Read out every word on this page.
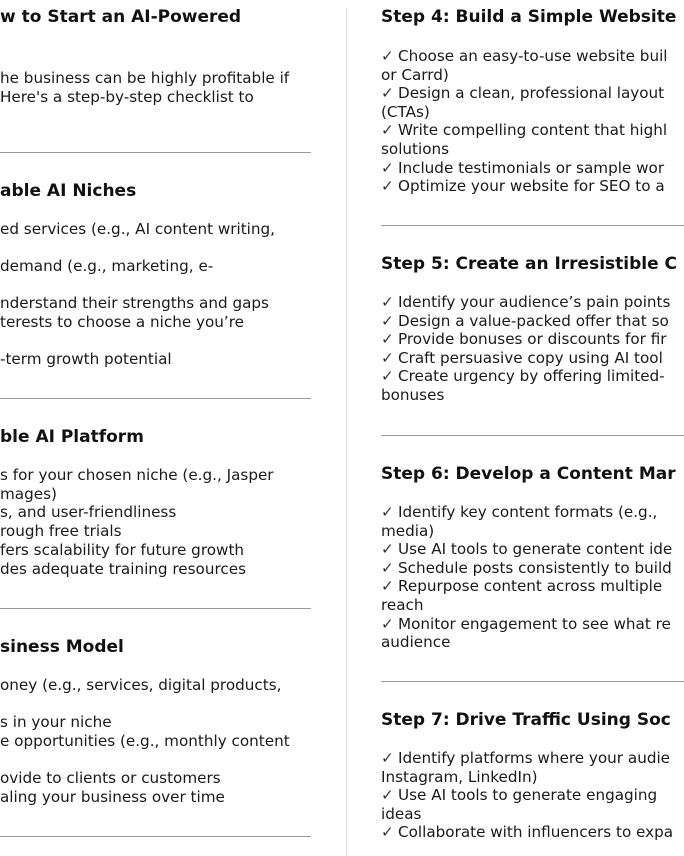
w to Start an AI-Powered
he business can be highly profitable if
Here's a step-by-step checklist to
able AI Niches
ed services (e.g., AI content writing,
demand (e.g., marketing, e-
nderstand their strengths and gaps
terests to choose a niche you’re
-term growth potential
ble AI Platform
s for your chosen niche (e.g., Jasper
mages)
s, and user-friendliness
rough free trials
fers scalability for future growth
des adequate training resources
siness Model
oney (e.g., services, digital products,
s in your niche
e opportunities (e.g., monthly content
ovide to clients or customers
aling your business over time
Step 4: Build a Simple Website
✓ Choose an easy-to-use website buil
or Carrd)
✓ Design a clean, professional layout
(CTAs)
✓ Write compelling content that highl
solutions
✓ Include testimonials or sample wor
✓ Optimize your website for SEO to a
Step 5: Create an Irresistible C
✓ Identify your audience’s pain points
✓ Design a value-packed offer that so
✓ Provide bonuses or discounts for fir
✓ Craft persuasive copy using AI tool
✓ Create urgency by offering limited-
bonuses
Step 6: Develop a Content Mar
✓ Identify key content formats (e.g.,
media)
✓ Use AI tools to generate content ide
✓ Schedule posts consistently to build
✓ Repurpose content across multiple
reach
✓ Monitor engagement to see what re
audience
Step 7: Drive Traffic Using Soc
✓ Identify platforms where your audie
Instagram, LinkedIn)
✓ Use AI tools to generate engaging
ideas
✓ Collaborate with influencers to expa
